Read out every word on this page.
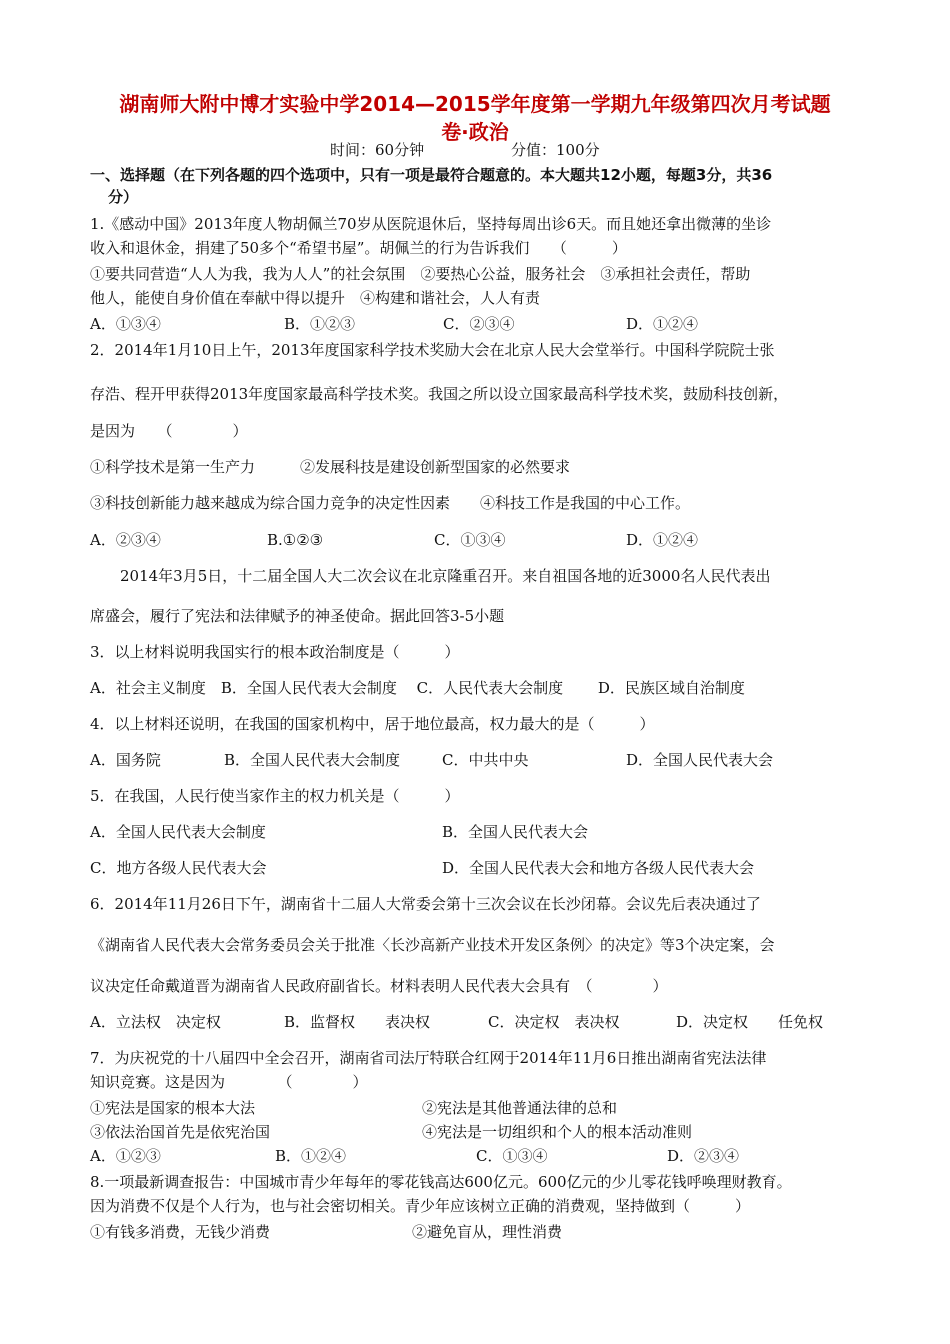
湖南师大附中博才实验中学2014—2015学年度第一学期九年级第四次月考试题
卷·政治
时间：60分钟	分值：100分
一、选择题（在下列各题的四个选项中，只有一项是最符合题意的。本大题共12小题，每题3分，共36
分）
1.《感动中国》2013年度人物胡佩兰70岁从医院退休后，坚持每周出诊6天。而且她还拿出微薄的坐诊
收入和退休金，捐建了50多个“希望书屋”。胡佩兰的行为告诉我们　　（　　　）
①要共同营造“人人为我，我为人人”的社会氛围　②要热心公益，服务社会　③承担社会责任，帮助
他人，能使自身价值在奉献中得以提升　④构建和谐社会，人人有责
A．①③④	B．①②③	C．②③④	D．①②④
2．2014年1月10日上午，2013年度国家科学技术奖励大会在北京人民大会堂举行。中国科学院院士张
存浩、程开甲获得2013年度国家最高科学技术奖。我国之所以设立国家最高科学技术奖，鼓励科技创新，
是因为　　（　　　　）
①科学技术是第一生产力　　　②发展科技是建设创新型国家的必然要求
③科技创新能力越来越成为综合国力竞争的决定性因素　　④科技工作是我国的中心工作。
A．②③④	B.①②③	C．①③④	D．①②④
2014年3月5日，十二届全国人大二次会议在北京隆重召开。来自祖国各地的近3000名人民代表出
席盛会，履行了宪法和法律赋予的神圣使命。据此回答3-5小题
3．以上材料说明我国实行的根本政治制度是（　　　）
A．社会主义制度　B．全国人民代表大会制度　 C．人民代表大会制度　　 D．民族区域自治制度
4．以上材料还说明，在我国的国家机构中，居于地位最高，权力最大的是（　　　）
A．国务院	B．全国人民代表大会制度	C．中共中央	D．全国人民代表大会
5．在我国，人民行使当家作主的权力机关是（　　　）
A．全国人民代表大会制度	B．全国人民代表大会
C．地方各级人民代表大会	D．全国人民代表大会和地方各级人民代表大会
6．2014年11月26日下午，湖南省十二届人大常委会第十三次会议在长沙闭幕。会议先后表决通过了
《湖南省人民代表大会常务委员会关于批准〈长沙高新产业技术开发区条例〉的决定》等3个决定案，会
议决定任命戴道晋为湖南省人民政府副省长。材料表明人民代表大会具有　（　　　　）
A．立法权　决定权	B．监督权　　表决权	C．决定权　表决权	D．决定权　　任免权
7．为庆祝党的十八届四中全会召开，湖南省司法厅特联合红网于2014年11月6日推出湖南省宪法法律
知识竞赛。这是因为　　　　（　　　　）
①宪法是国家的根本大法	②宪法是其他普通法律的总和
③依法治国首先是依宪治国	④宪法是一切组织和个人的根本活动准则
A．①②③	B．①②④	C．①③④	D．②③④
8.一项最新调查报告：中国城市青少年每年的零花钱高达600亿元。600亿元的少儿零花钱呼唤理财教育。
因为消费不仅是个人行为，也与社会密切相关。青少年应该树立正确的消费观，坚持做到（　　　）
①有钱多消费，无钱少消费	②避免盲从，理性消费
